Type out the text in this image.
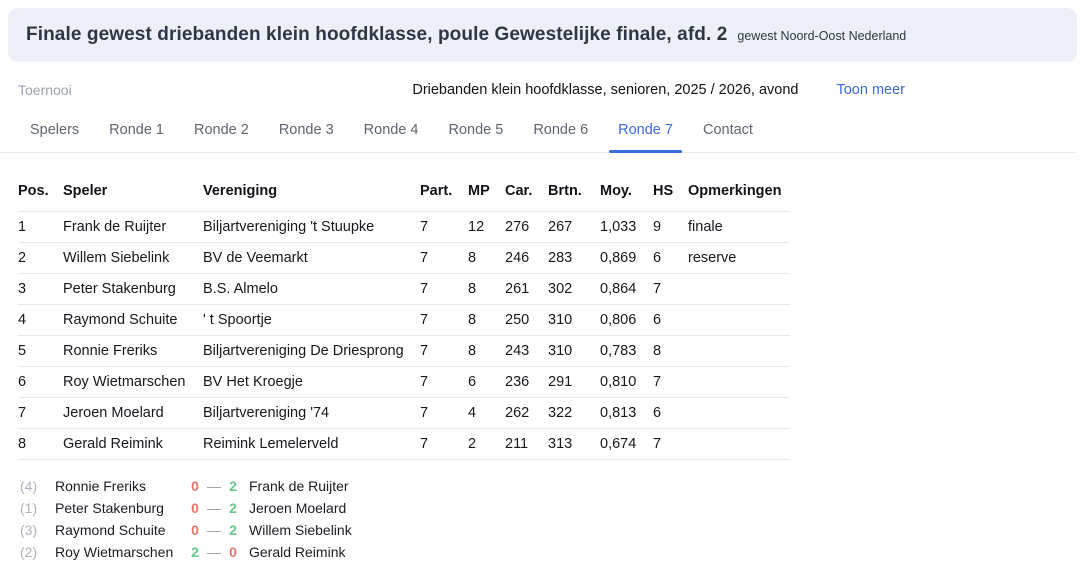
Finale gewest driebanden klein hoofdklasse, poule Gewestelijke finale, afd. 2 gewest Noord-Oost Nederland
Toernooi	Driebanden klein hoofdklasse, senioren, 2025 / 2026, avond	Toon meer
Spelers	Ronde 1	Ronde 2	Ronde 3	Ronde 4	Ronde 5	Ronde 6	Ronde 7	Contact
Pos.	Speler	Vereniging	Part.	MP	Car.	Brtn.	Moy.	HS	Opmerkingen
1	Frank de Ruijter	Biljartvereniging 't Stuupke	7	12	276	267	1,033	9	finale
2	Willem Siebelink	BV de Veemarkt	7	8	246	283	0,869	6	reserve
3	Peter Stakenburg	B.S. Almelo	7	8	261	302	0,864	7	
4	Raymond Schuite	' t Spoortje	7	8	250	310	0,806	6	
5	Ronnie Freriks	Biljartvereniging De Driesprong	7	8	243	310	0,783	8	
6	Roy Wietmarschen	BV Het Kroegje	7	6	236	291	0,810	7	
7	Jeroen Moelard	Biljartvereniging '74	7	4	262	322	0,813	6	
8	Gerald Reimink	Reimink Lemelerveld	7	2	211	313	0,674	7	
(4)	Ronnie Freriks	0 — 2 Frank de Ruijter
(1)	Peter Stakenburg	0 — 2 Jeroen Moelard
(3)	Raymond Schuite	0 — 2 Willem Siebelink
(2)	Roy Wietmarschen	2 — 0 Gerald Reimink
